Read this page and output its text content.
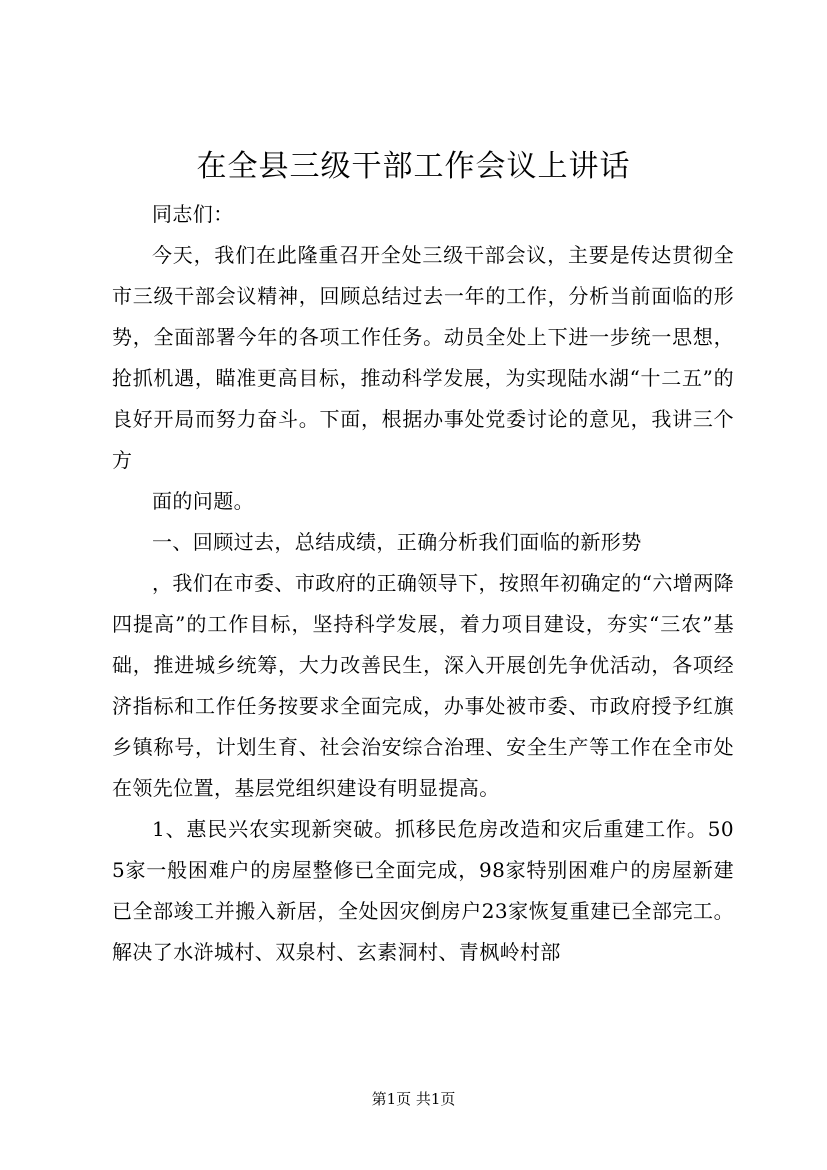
在全县三级干部工作会议上讲话

同志们：

今天，我们在此隆重召开全处三级干部会议，主要是传达贯彻全市三级干部会议精神，回顾总结过去一年的工作，分析当前面临的形势，全面部署今年的各项工作任务。动员全处上下进一步统一思想，抢抓机遇，瞄准更高目标，推动科学发展，为实现陆水湖“十二五”的良好开局而努力奋斗。下面，根据办事处党委讨论的意见，我讲三个方

面的问题。

一、回顾过去，总结成绩，正确分析我们面临的新形势

，我们在市委、市政府的正确领导下，按照年初确定的“六增两降四提高”的工作目标，坚持科学发展，着力项目建设，夯实“三农”基础，推进城乡统筹，大力改善民生，深入开展创先争优活动，各项经济指标和工作任务按要求全面完成，办事处被市委、市政府授予红旗乡镇称号，计划生育、社会治安综合治理、安全生产等工作在全市处在领先位置，基层党组织建设有明显提高。

1、惠民兴农实现新突破。抓移民危房改造和灾后重建工作。505家一般困难户的房屋整修已全面完成，98家特别困难户的房屋新建已全部竣工并搬入新居，全处因灾倒房户23家恢复重建已全部完工。解决了水浒城村、双泉村、玄素洞村、青枫岭村部

第1页 共1页
